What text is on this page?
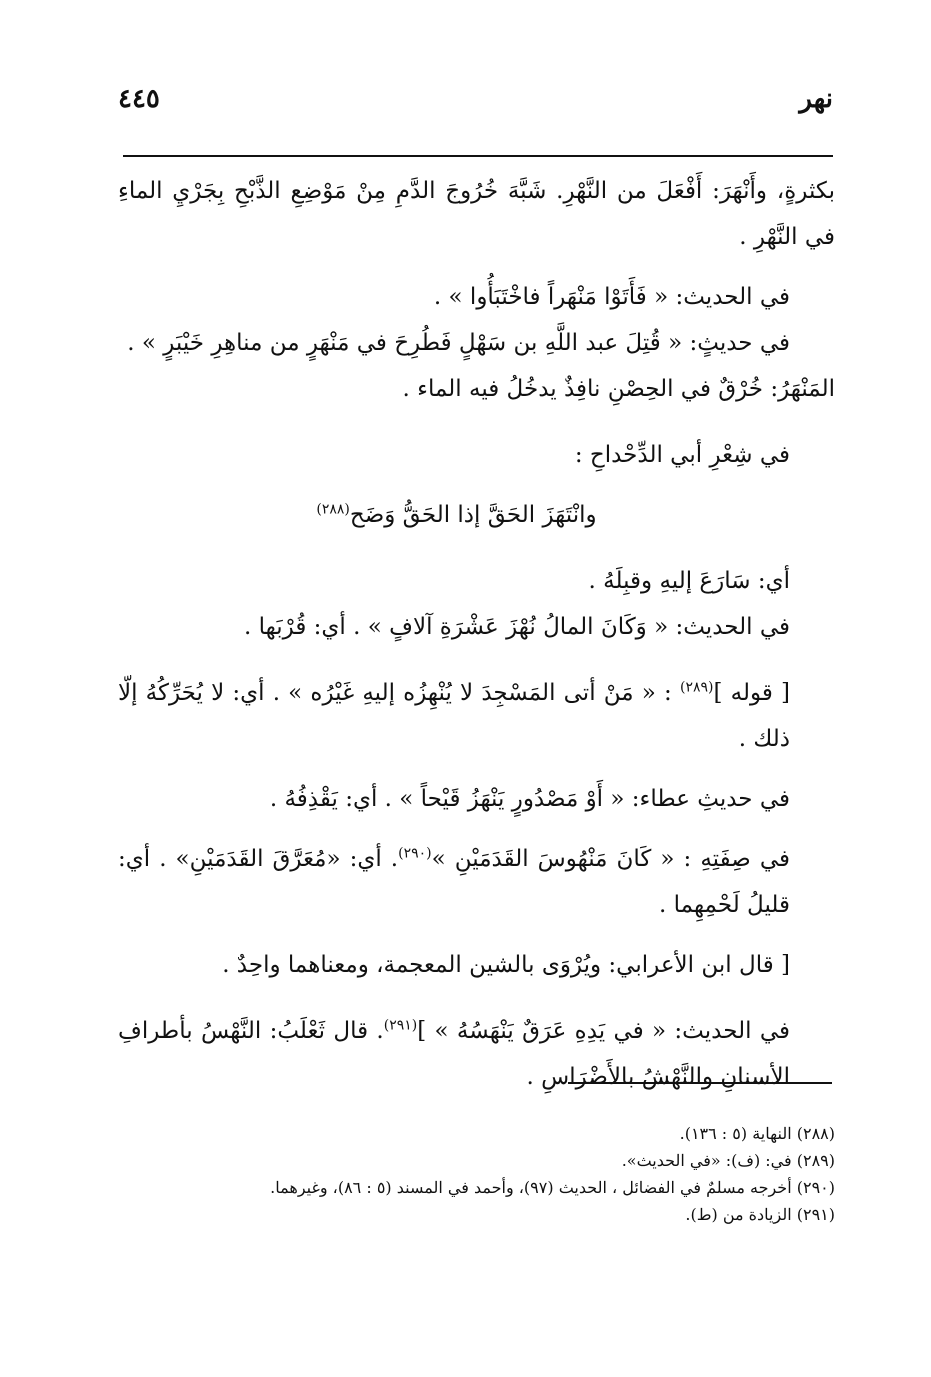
نهر
٤٤٥

بكثرةٍ، وأَنْهَرَ: أَفْعَلَ من النَّهْرِ. شَبَّهَ خُرُوجَ الدَّمِ مِنْ مَوْضِعِ الذَّبْحِ بِجَرْيِ الماءِ في النَّهْرِ .

في الحديث: « فَأَتَوْا مَنْهَراً فاخْتَبَأُوا » .

في حديثٍ: « قُتِلَ عبد اللَّهِ بن سَهْلٍ فَطُرِحَ في مَنْهَرٍ من مناهِرِ خَيْبَرٍ » .

المَنْهَرُ: خُرْقٌ في الحِصْنِ نافِذٌ يدخُلُ فيه الماء .

في شِعْرِ أبي الدِّحْداحِ :

وانْتَهَزَ الحَقَّ إذا الحَقُّ وَضَح$^{(٢٨٨)}$

أي: سَارَعَ إليهِ وقبِلَهُ .

في الحديث: « وَكَانَ المالُ نُهْزَ عَشْرَةِ آلافٍ » . أي: قُرْبَها .

[ قوله ]$^{(٢٨٩)}$ : « مَنْ أتى المَسْجِدَ لا يُنْهِزُه إليهِ غَيْرُه » . أي: لا يُحَرِّكُهُ إلّا ذلك .

في حديثِ عطاء: « أَوْ مَصْدُورٍ يَنْهَزُ قَيْحاً » . أي: يَقْذِفُهُ .

في صِفَتِهِ : « كَانَ مَنْهُوسَ القَدَمَيْنِ »$^{(٢٩٠)}$. أي: «مُعَرَّقَ القَدَمَيْنِ» . أي: قليلُ لَحْمِهِما .

[ قال ابن الأعرابي: ويُرْوَى بالشين المعجمة، ومعناهما واحِدٌ .

في الحديث: « في يَدِهِ عَرَقٌ يَنْهَسُهُ » ]$^{(٢٩١)}$. قال ثَعْلَبُ: النَّهْسُ بأطرافِ الأسنانِ والنَّهْشُ بالأَضْرَاسِ .

(٢٨٨) النهاية (٥ : ١٣٦).

(٢٨٩) في: (ف): «في الحديث».

(٢٩٠) أخرجه مسلمٌ في الفضائل ، الحديث (٩٧)، وأحمد في المسند (٥ : ٨٦)، وغيرهما.

(٢٩١) الزيادة من (ط).
